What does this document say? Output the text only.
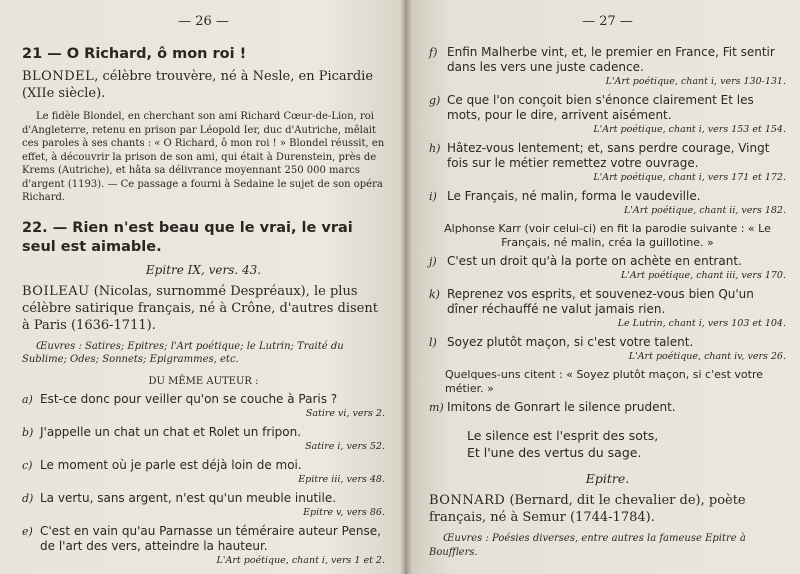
— 26 —
21 — O Richard, ô mon roi !
BLONDEL, célèbre trouvère, né à Nesle, en Picardie (XIIe siècle).
Le fidèle Blondel, en cherchant son ami Richard Cœur-de-Lion, roi d'Angleterre, retenu en prison par Léopold Ier, duc d'Autriche, mêlait ces paroles à ses chants : « O Richard, ô mon roi ! » Blondel réussit, en effet, à découvrir la prison de son ami, qui était à Durenstein, près de Krems (Autriche), et hâta sa délivrance moyennant 250 000 marcs d'argent (1193). — Ce passage a fourni à Sedaine le sujet de son opéra Richard.
22. — Rien n'est beau que le vrai, le vrai seul est aimable.
Epitre IX, vers. 43.
BOILEAU (Nicolas, surnommé Despréaux), le plus célèbre satirique français, né à Crône, d'autres disent à Paris (1636-1711).
Œuvres : Satires; Epitres; l'Art poétique; le Lutrin; Traité du Sublime; Odes; Sonnets; Epigrammes, etc.
DU MÊME AUTEUR :
a) Est-ce donc pour veiller qu'on se couche à Paris ?
Satire vi, vers 2.
b) J'appelle un chat un chat et Rolet un fripon.
Satire i, vers 52.
c) Le moment où je parle est déjà loin de moi.
Epitre iii, vers 48.
d) La vertu, sans argent, n'est qu'un meuble inutile.
Epitre v, vers 86.
e) C'est en vain qu'au Parnasse un téméraire auteur Pense, de l'art des vers, atteindre la hauteur.
L'Art poétique, chant i, vers 1 et 2.
— 27 —
f) Enfin Malherbe vint, et, le premier en France, Fit sentir dans les vers une juste cadence.
L'Art poétique, chant i, vers 130-131.
g) Ce que l'on conçoit bien s'énonce clairement Et les mots, pour le dire, arrivent aisément.
L'Art poétique, chant i, vers 153 et 154.
h) Hâtez-vous lentement; et, sans perdre courage, Vingt fois sur le métier remettez votre ouvrage.
L'Art poétique, chant i, vers 171 et 172.
i) Le Français, né malin, forma le vaudeville.
L'Art poétique, chant ii, vers 182.
Alphonse Karr (voir celui-ci) en fit la parodie suivante : « Le Français, né malin, créa la guillotine. »
j) C'est un droit qu'à la porte on achète en entrant.
L'Art poétique, chant iii, vers 170.
k) Reprenez vos esprits, et souvenez-vous bien Qu'un dîner réchauffé ne valut jamais rien.
Le Lutrin, chant i, vers 103 et 104.
l) Soyez plutôt maçon, si c'est votre talent.
L'Art poétique, chant iv, vers 26.
Quelques-uns citent : « Soyez plutôt maçon, si c'est votre métier. »
m) Imitons de Gonrart le silence prudent.
Le silence est l'esprit des sots,
Et l'une des vertus du sage.
Epitre.
BONNARD (Bernard, dit le chevalier de), poète français, né à Semur (1744-1784).
Œuvres : Poésies diverses, entre autres la fameuse Epitre à Boufflers.
